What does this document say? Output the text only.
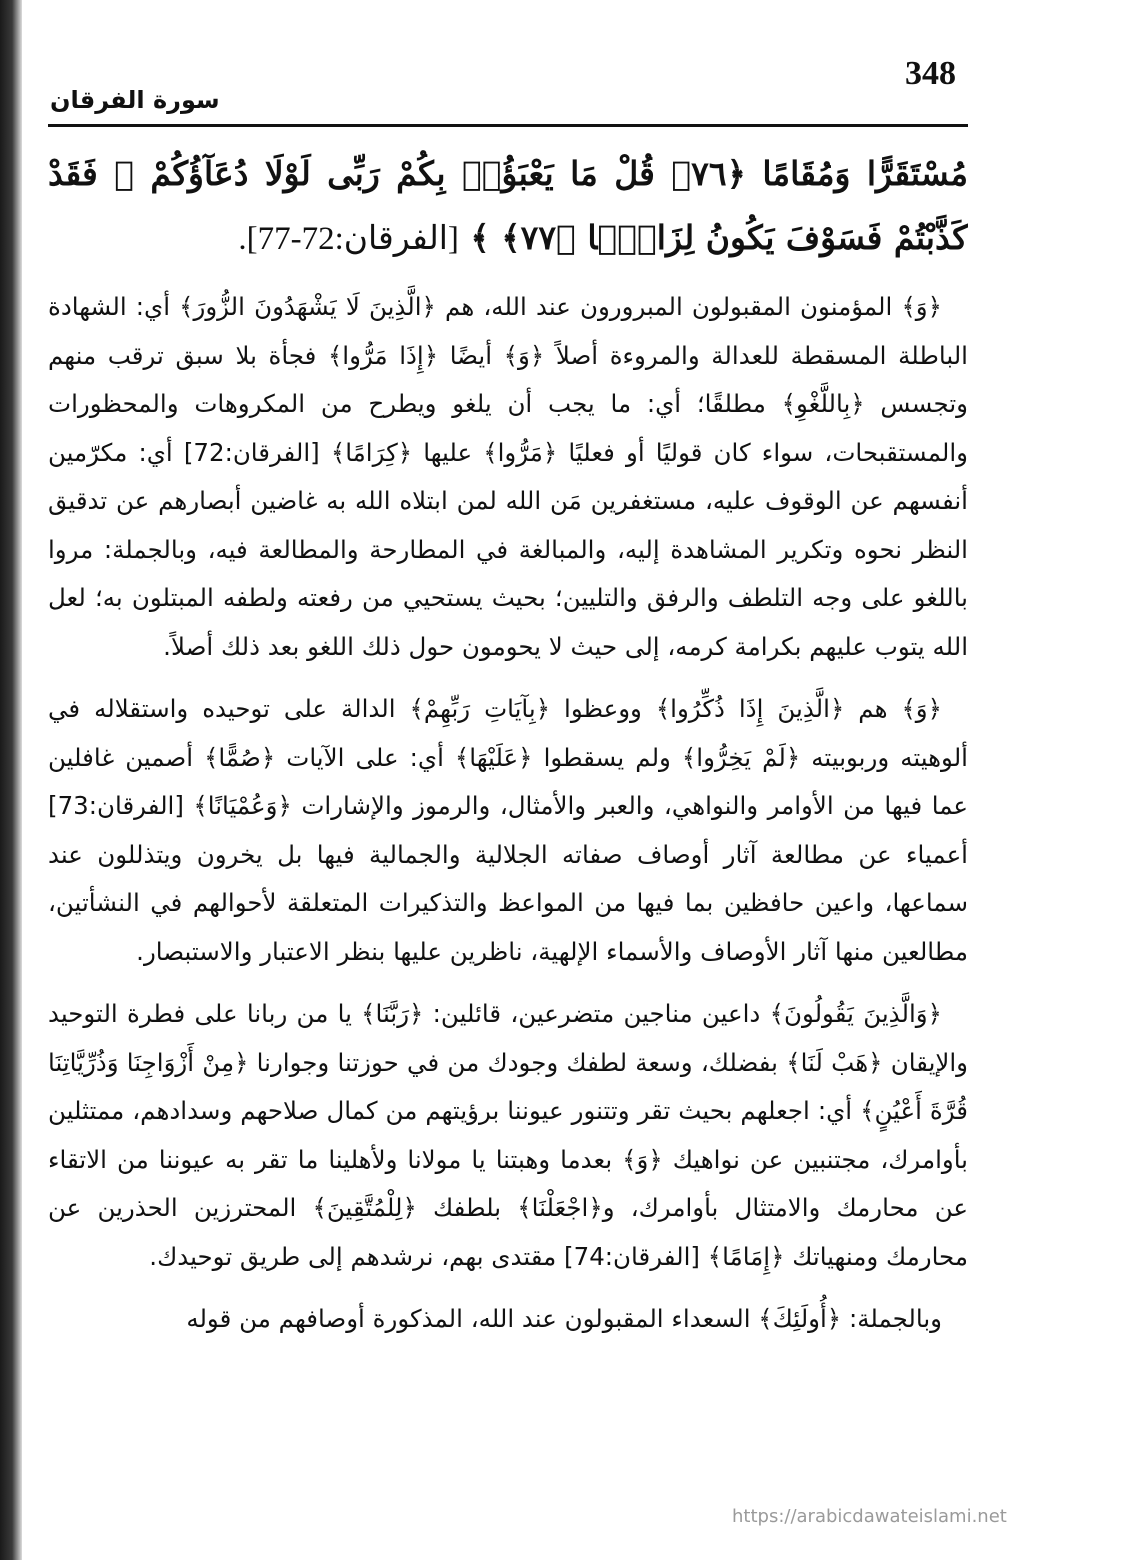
348
سورة الفرقان
مُسْتَقَرًّا وَمُقَامًا ﴿٧٦﴾ قُلْ مَا يَعْبَؤُا۟ بِكُمْ رَبِّى لَوْلَا دُعَآؤُكُمْ ۖ فَقَدْ كَذَّبْتُمْ فَسَوْفَ يَكُونُ لِزَامًۢا ﴿٧٧﴾ ﴾ [الفرقان:72-77].

﴿وَ﴾ المؤمنون المقبولون المبرورون عند الله، هم ﴿الَّذِينَ لَا يَشْهَدُونَ الزُّورَ﴾ أي: الشهادة الباطلة المسقطة للعدالة والمروءة أصلاً ﴿وَ﴾ أيضًا ﴿إِذَا مَرُّوا﴾ فجأة بلا سبق ترقب منهم وتجسس ﴿بِاللَّغْوِ﴾ مطلقًا؛ أي: ما يجب أن يلغو ويطرح من المكروهات والمحظورات والمستقبحات، سواء كان قوليًا أو فعليًا ﴿مَرُّوا﴾ عليها ﴿كِرَامًا﴾ [الفرقان:72] أي: مكرّمين أنفسهم عن الوقوف عليه، مستغفرين مَن الله لمن ابتلاه الله به غاضين أبصارهم عن تدقيق النظر نحوه وتكرير المشاهدة إليه، والمبالغة في المطارحة والمطالعة فيه، وبالجملة: مروا باللغو على وجه التلطف والرفق والتليين؛ بحيث يستحيي من رفعته ولطفه المبتلون به؛ لعل الله يتوب عليهم بكرامة كرمه، إلى حيث لا يحومون حول ذلك اللغو بعد ذلك أصلاً.

﴿وَ﴾ هم ﴿الَّذِينَ إِذَا ذُكِّرُوا﴾ ووعظوا ﴿بِآيَاتِ رَبِّهِمْ﴾ الدالة على توحيده واستقلاله في ألوهيته وربوبيته ﴿لَمْ يَخِرُّوا﴾ ولم يسقطوا ﴿عَلَيْهَا﴾ أي: على الآيات ﴿صُمًّا﴾ أصمين غافلين عما فيها من الأوامر والنواهي، والعبر والأمثال، والرموز والإشارات ﴿وَعُمْيَانًا﴾ [الفرقان:73] أعمياء عن مطالعة آثار أوصاف صفاته الجلالية والجمالية فيها بل يخرون ويتذللون عند سماعها، واعين حافظين بما فيها من المواعظ والتذكيرات المتعلقة لأحوالهم في النشأتين، مطالعين منها آثار الأوصاف والأسماء الإلهية، ناظرين عليها بنظر الاعتبار والاستبصار.

﴿وَالَّذِينَ يَقُولُونَ﴾ داعين مناجين متضرعين، قائلين: ﴿رَبَّنَا﴾ يا من ربانا على فطرة التوحيد والإيقان ﴿هَبْ لَنَا﴾ بفضلك، وسعة لطفك وجودك من في حوزتنا وجوارنا ﴿مِنْ أَزْوَاجِنَا وَذُرِّيَّاتِنَا قُرَّةَ أَعْيُنٍ﴾ أي: اجعلهم بحيث تقر وتتنور عيوننا برؤيتهم من كمال صلاحهم وسدادهم، ممتثلين بأوامرك، مجتنبين عن نواهيك ﴿وَ﴾ بعدما وهبتنا يا مولانا ولأهلينا ما تقر به عيوننا من الاتقاء عن محارمك والامتثال بأوامرك، و﴿اجْعَلْنَا﴾ بلطفك ﴿لِلْمُتَّقِينَ﴾ المحترزين الحذرين عن محارمك ومنهياتك ﴿إِمَامًا﴾ [الفرقان:74] مقتدى بهم، نرشدهم إلى طريق توحيدك.

وبالجملة: ﴿أُولَئِكَ﴾ السعداء المقبولون عند الله، المذكورة أوصافهم من قوله

https://arabicdawateislami.net
